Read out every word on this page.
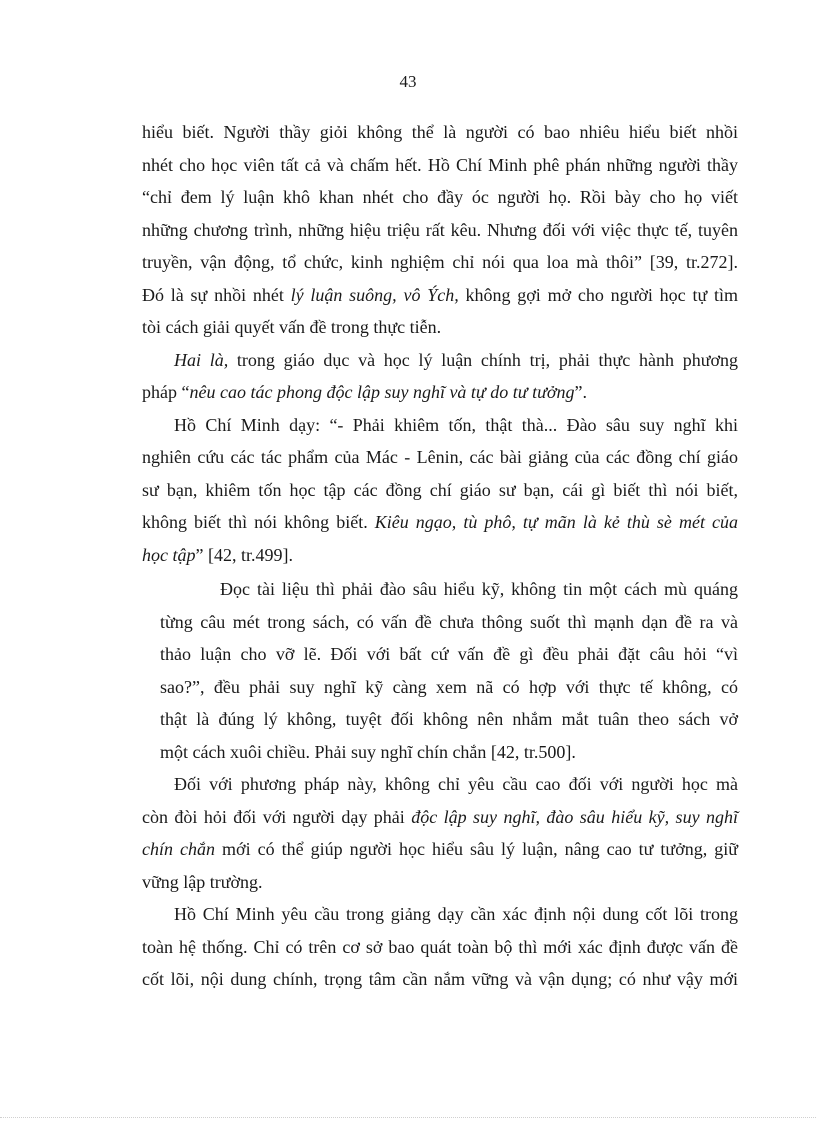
43
hiểu biết. Người thầy giỏi không thể là người có bao nhiêu hiểu biết nhồi
nhét cho học viên tất cả và chấm hết. Hồ Chí Minh phê phán những người thầy
“chỉ đem lý luận khô khan nhét cho đầy óc người họ. Rồi bày cho họ viết
những chương trình, những hiệu triệu rất kêu. Nhưng đối với việc thực tế, tuyên
truyền, vận động, tổ chức, kinh nghiệm chỉ nói qua loa mà thôi” [39, tr.272].
Đó là sự nhồi nhét lý luận suông, vô Ých, không gợi mở cho người học tự tìm
tòi cách giải quyết vấn đề trong thực tiễn.
Hai là, trong giáo dục và học lý luận chính trị, phải thực hành phương
pháp “nêu cao tác phong độc lập suy nghĩ và tự do tư tưởng”.
Hồ Chí Minh dạy: “- Phải khiêm tốn, thật thà... Đào sâu suy nghĩ khi
nghiên cứu các tác phẩm của Mác - Lênin, các bài giảng của các đồng chí giáo
sư bạn, khiêm tốn học tập các đồng chí giáo sư bạn, cái gì biết thì nói biết,
không biết thì nói không biết. Kiêu ngạo, tù phô, tự mãn là kẻ thù sè mét của
học tập” [42, tr.499].
Đọc tài liệu thì phải đào sâu hiểu kỹ, không tin một cách mù quáng
từng câu mét trong sách, có vấn đề chưa thông suốt thì mạnh dạn đề ra và
thảo luận cho vỡ lẽ. Đối với bất cứ vấn đề gì đều phải đặt câu hỏi “vì
sao?”, đều phải suy nghĩ kỹ càng xem nã có hợp với thực tế không, có
thật là đúng lý không, tuyệt đối không nên nhắm mắt tuân theo sách vở
một cách xuôi chiều. Phải suy nghĩ chín chắn [42, tr.500].
Đối với phương pháp này, không chỉ yêu cầu cao đối với người học mà
còn đòi hỏi đối với người dạy phải độc lập suy nghĩ, đào sâu hiểu kỹ, suy nghĩ
chín chắn mới có thể giúp người học hiểu sâu lý luận, nâng cao tư tưởng, giữ
vững lập trường.
Hồ Chí Minh yêu cầu trong giảng dạy cần xác định nội dung cốt lõi trong
toàn hệ thống. Chỉ có trên cơ sở bao quát toàn bộ thì mới xác định được vấn đề
cốt lõi, nội dung chính, trọng tâm cần nắm vững và vận dụng; có như vậy mới
